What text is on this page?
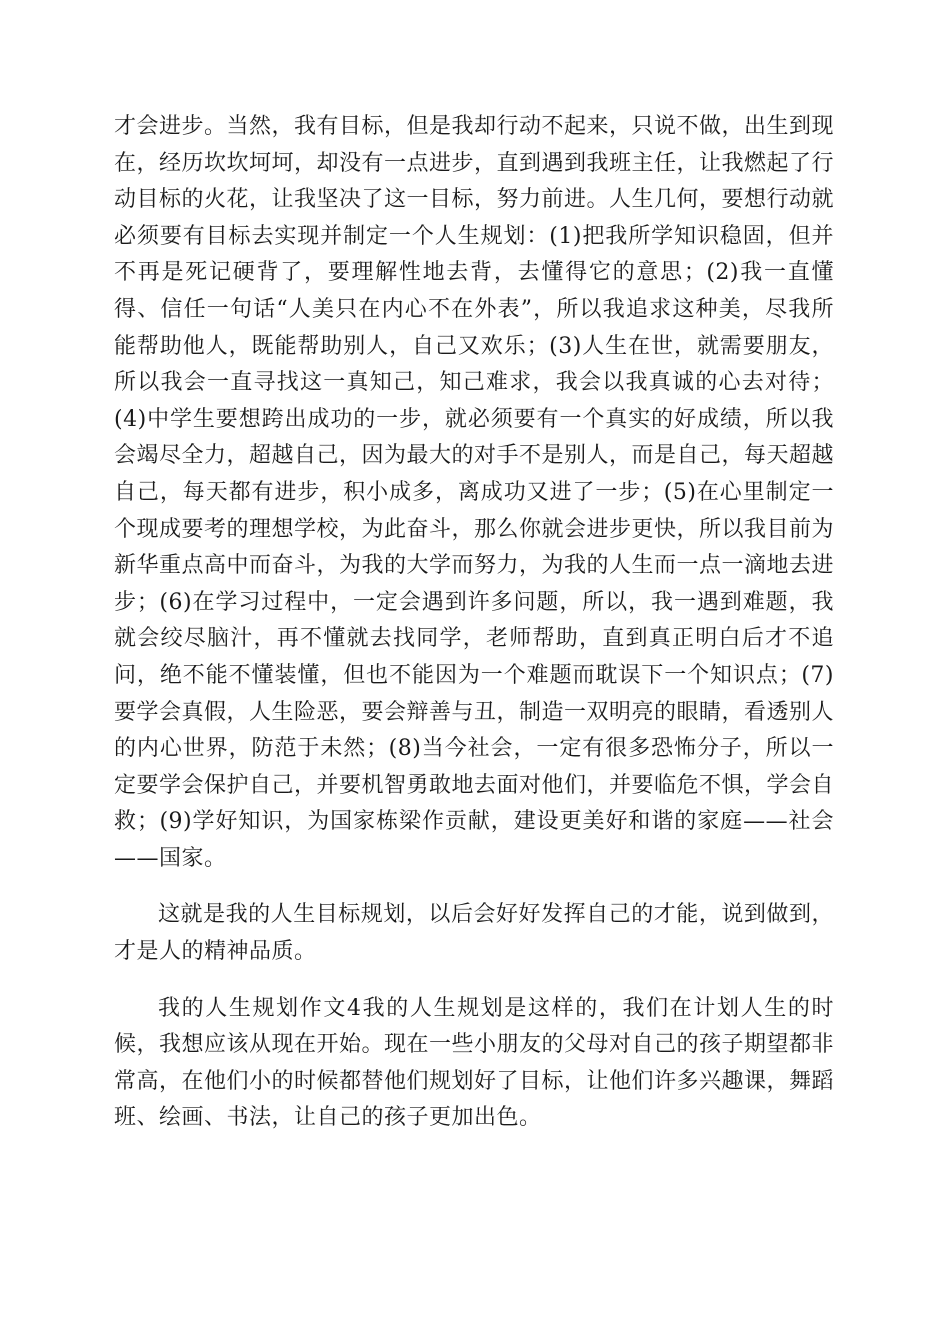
才会进步。当然，我有目标，但是我却行动不起来，只说不做，出生到现在，经历坎坎坷坷，却没有一点进步，直到遇到我班主任，让我燃起了行动目标的火花，让我坚决了这一目标，努力前进。人生几何，要想行动就必须要有目标去实现并制定一个人生规划：(1)把我所学知识稳固，但并不再是死记硬背了，要理解性地去背，去懂得它的意思；(2)我一直懂得、信任一句话“人美只在内心不在外表”，所以我追求这种美，尽我所能帮助他人，既能帮助别人，自己又欢乐；(3)人生在世，就需要朋友，所以我会一直寻找这一真知己，知己难求，我会以我真诚的心去对待；(4)中学生要想跨出成功的一步，就必须要有一个真实的好成绩，所以我会竭尽全力，超越自己，因为最大的对手不是别人，而是自己，每天超越自己，每天都有进步，积小成多，离成功又进了一步；(5)在心里制定一个现成要考的理想学校，为此奋斗，那么你就会进步更快，所以我目前为新华重点高中而奋斗，为我的大学而努力，为我的人生而一点一滴地去进步；(6)在学习过程中，一定会遇到许多问题，所以，我一遇到难题，我就会绞尽脑汁，再不懂就去找同学，老师帮助，直到真正明白后才不追问，绝不能不懂装懂，但也不能因为一个难题而耽误下一个知识点；(7)要学会真假，人生险恶，要会辩善与丑，制造一双明亮的眼睛，看透别人的内心世界，防范于未然；(8)当今社会，一定有很多恐怖分子，所以一定要学会保护自己，并要机智勇敢地去面对他们，并要临危不惧，学会自救；(9)学好知识，为国家栋梁作贡献，建设更美好和谐的家庭——社会——国家。

这就是我的人生目标规划，以后会好好发挥自己的才能，说到做到，才是人的精神品质。

我的人生规划作文4我的人生规划是这样的，我们在计划人生的时候，我想应该从现在开始。现在一些小朋友的父母对自己的孩子期望都非常高，在他们小的时候都替他们规划好了目标，让他们许多兴趣课，舞蹈班、绘画、书法，让自己的孩子更加出色。
